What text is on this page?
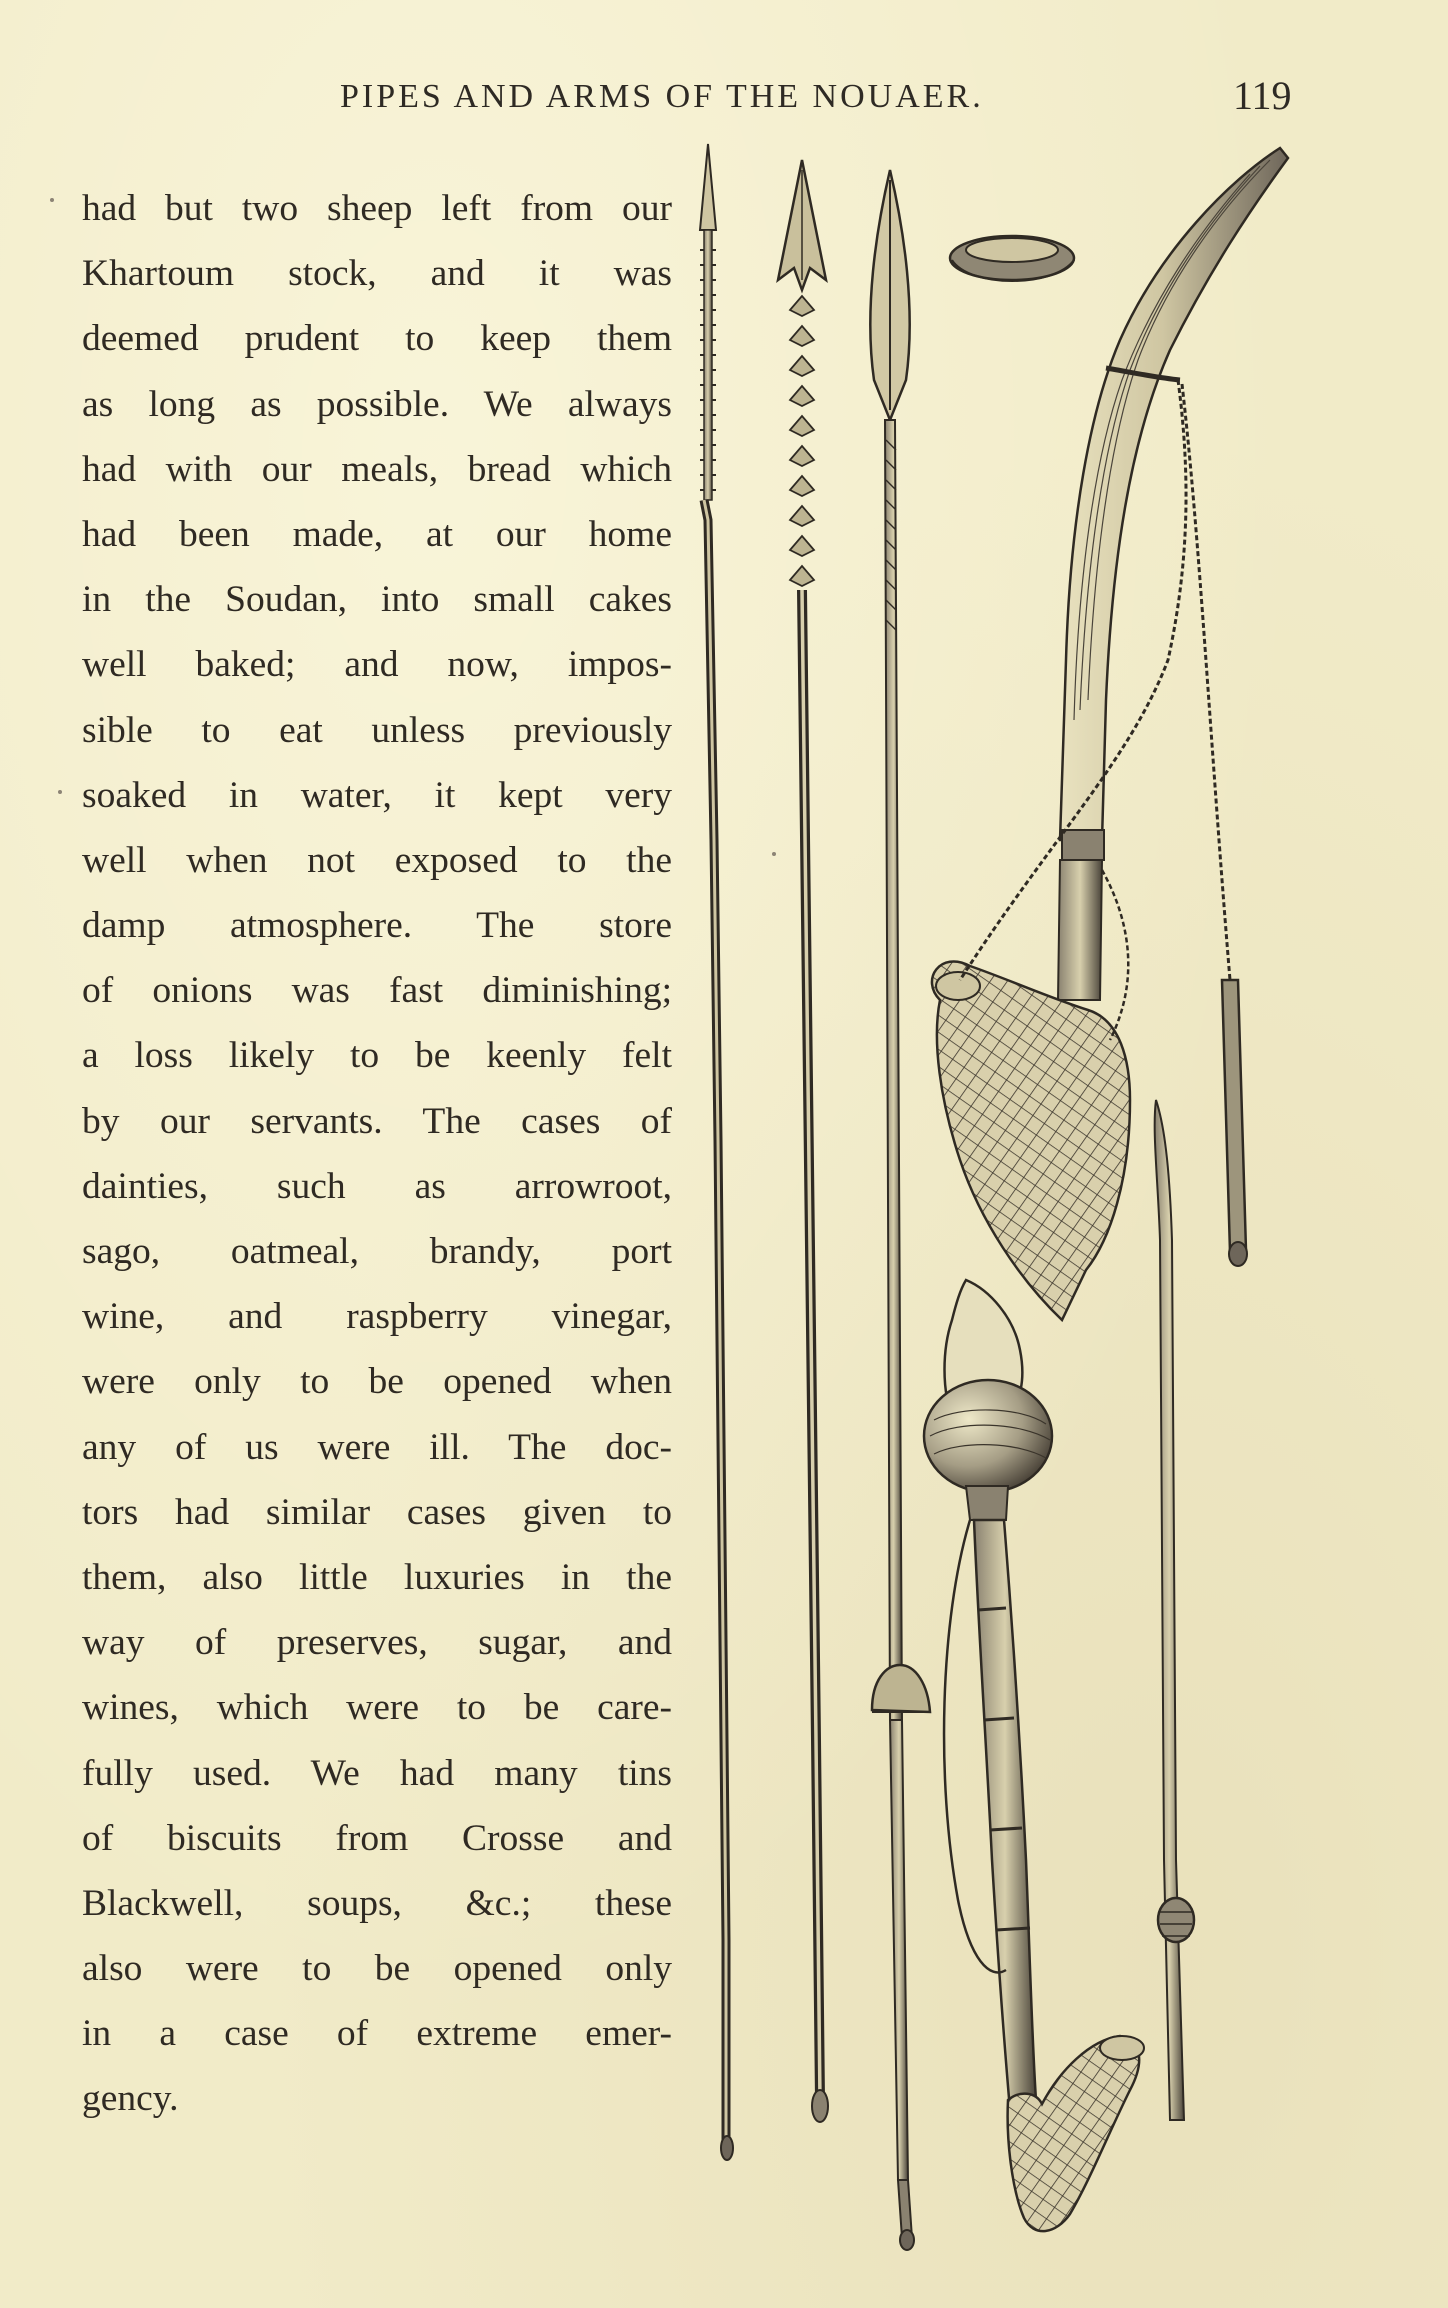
PIPES AND ARMS OF THE NOUAER.	119
had but two sheep left from our
Khartoum stock, and it was
deemed prudent to keep them
as long as possible. We always
had with our meals, bread which
had been made, at our home
in the Soudan, into small cakes
well baked; and now, impos-
sible to eat unless previously
soaked in water, it kept very
well when not exposed to the
damp atmosphere. The store
of onions was fast diminishing;
a loss likely to be keenly felt
by our servants. The cases of
dainties, such as arrowroot,
sago, oatmeal, brandy, port
wine, and raspberry vinegar,
were only to be opened when
any of us were ill. The doc-
tors had similar cases given to
them, also little luxuries in the
way of preserves, sugar, and
wines, which were to be care-
fully used. We had many tins
of biscuits from Crosse and
Blackwell, soups, &c.; these
also were to be opened only
in a case of extreme emer-
gency.
